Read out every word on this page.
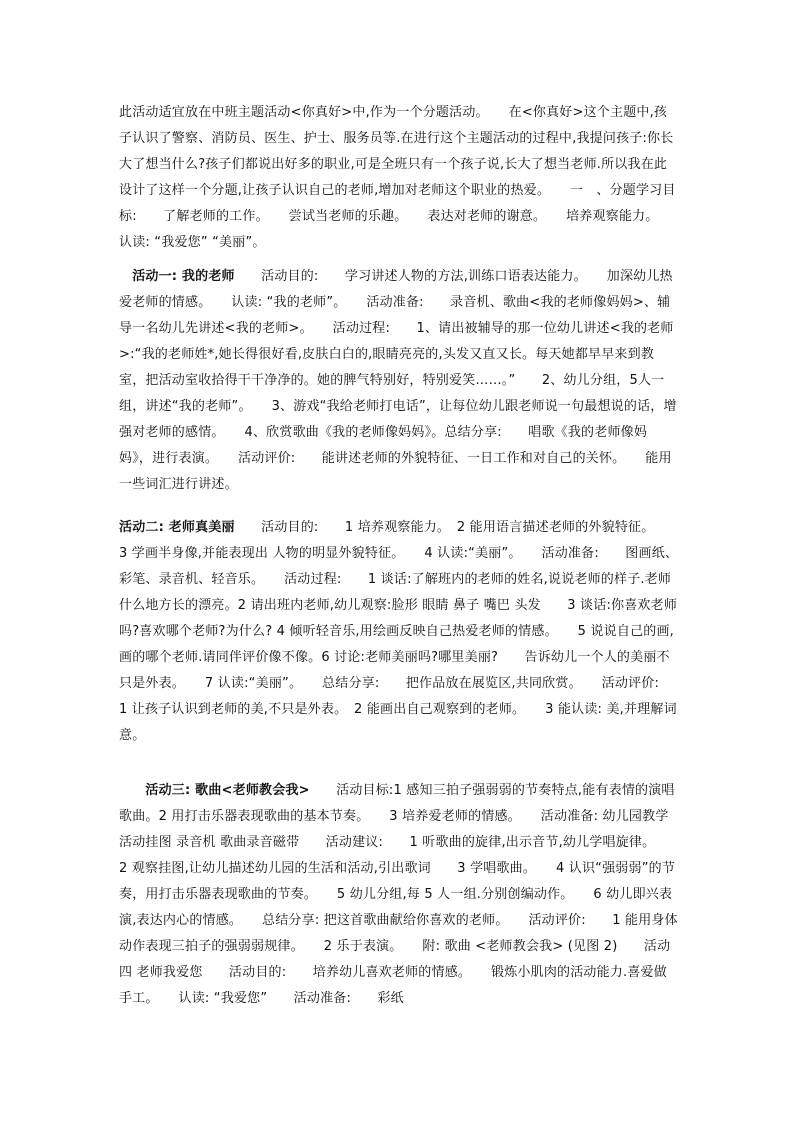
此活动适宜放在中班主题活动<你真好>中,作为一个分题活动。　　在<你真好>这个主题中,孩子认识了警察、消防员、医生、护士、服务员等.在进行这个主题活动的过程中,我提问孩子:你长大了想当什么?孩子们都说出好多的职业,可是全班只有一个孩子说,长大了想当老师.所以我在此设计了这样一个分题,让孩子认识自己的老师,增加对老师这个职业的热爱。　　一　、分题学习目标:　　了解老师的工作。　　尝试当老师的乐趣。　　表达对老师的谢意。　　培养观察能力。　　认读: “我爱您” “美丽”。

　活动一: 我的老师　　活动目的:　　学习讲述人物的方法,训练口语表达能力。　　加深幼儿热爱老师的情感。　　认读: “我的老师”。　　活动准备:　　录音机、歌曲<我的老师像妈妈>、辅导一名幼儿先讲述<我的老师>。　　活动过程:　　1、请出被辅导的那一位幼儿讲述<我的老师>:“我的老师姓*,她长得很好看,皮肤白白的,眼睛亮亮的,头发又直又长。每天她都早早来到教室，把活动室收拾得干干净净的。她的脾气特别好，特别爱笑……。”　　2、幼儿分组，5人一组，讲述“我的老师”。　　3、游戏“我给老师打电话”，让每位幼儿跟老师说一句最想说的话，增强对老师的感情。　　4、欣赏歌曲《我的老师像妈妈》。总结分享:　　唱歌《我的老师像妈妈》，进行表演。　　活动评价:　　能讲述老师的外貌特征、一日工作和对自己的关怀。　　能用一些词汇进行讲述。

活动二: 老师真美丽　　活动目的:　　1 培养观察能力。　2 能用语言描述老师的外貌特征。　　3 学画半身像,并能表现出 人物的明显外貌特征。　　4 认读:“美丽”。　　活动准备:　　图画纸、彩笔、录音机、轻音乐。　　活动过程:　　1 谈话:了解班内的老师的姓名,说说老师的样子.老师什么地方长的漂亮。2 请出班内老师,幼儿观察:脸形 眼睛 鼻子 嘴巴 头发　　3 谈话:你喜欢老师吗?喜欢哪个老师?为什么? 4 倾听轻音乐,用绘画反映自己热爱老师的情感。　　5 说说自己的画,画的哪个老师.请同伴评价像不像。6 讨论:老师美丽吗?哪里美丽?　　告诉幼儿一个人的美丽不只是外表。　　7 认读:“美丽”。　　总结分享:　　把作品放在展览区,共同欣赏。　　活动评价:　　1 让孩子认识到老师的美,不只是外表。　2 能画出自己观察到的老师。　　3 能认读: 美,并理解词意。

　　活动三: 歌曲<老师教会我>　　活动目标:1 感知三拍子强弱弱的节奏特点,能有表情的演唱歌曲。2 用打击乐器表现歌曲的基本节奏。　　3 培养爱老师的情感。　　活动准备: 幼儿园教学活动挂图 录音机 歌曲录音磁带　　活动建议:　　1 听歌曲的旋律,出示音节,幼儿学唱旋律。　　2 观察挂图,让幼儿描述幼儿园的生活和活动,引出歌词　　3 学唱歌曲。　　4 认识“强弱弱”的节奏，用打击乐器表现歌曲的节奏。　　5 幼儿分组,每 5 人一组.分别创编动作。　　6 幼儿即兴表演,表达内心的情感。　　总结分享: 把这首歌曲献给你喜欢的老师。　　活动评价:　　1 能用身体动作表现三拍子的强弱弱规律。　　2 乐于表演。　　附: 歌曲 <老师教会我> (见图 2)　　活动四 老师我爱您　　活动目的:　　培养幼儿喜欢老师的情感。　　锻炼小肌肉的活动能力.喜爱做手工。　　认读: “我爱您”　　活动准备:　　彩纸
